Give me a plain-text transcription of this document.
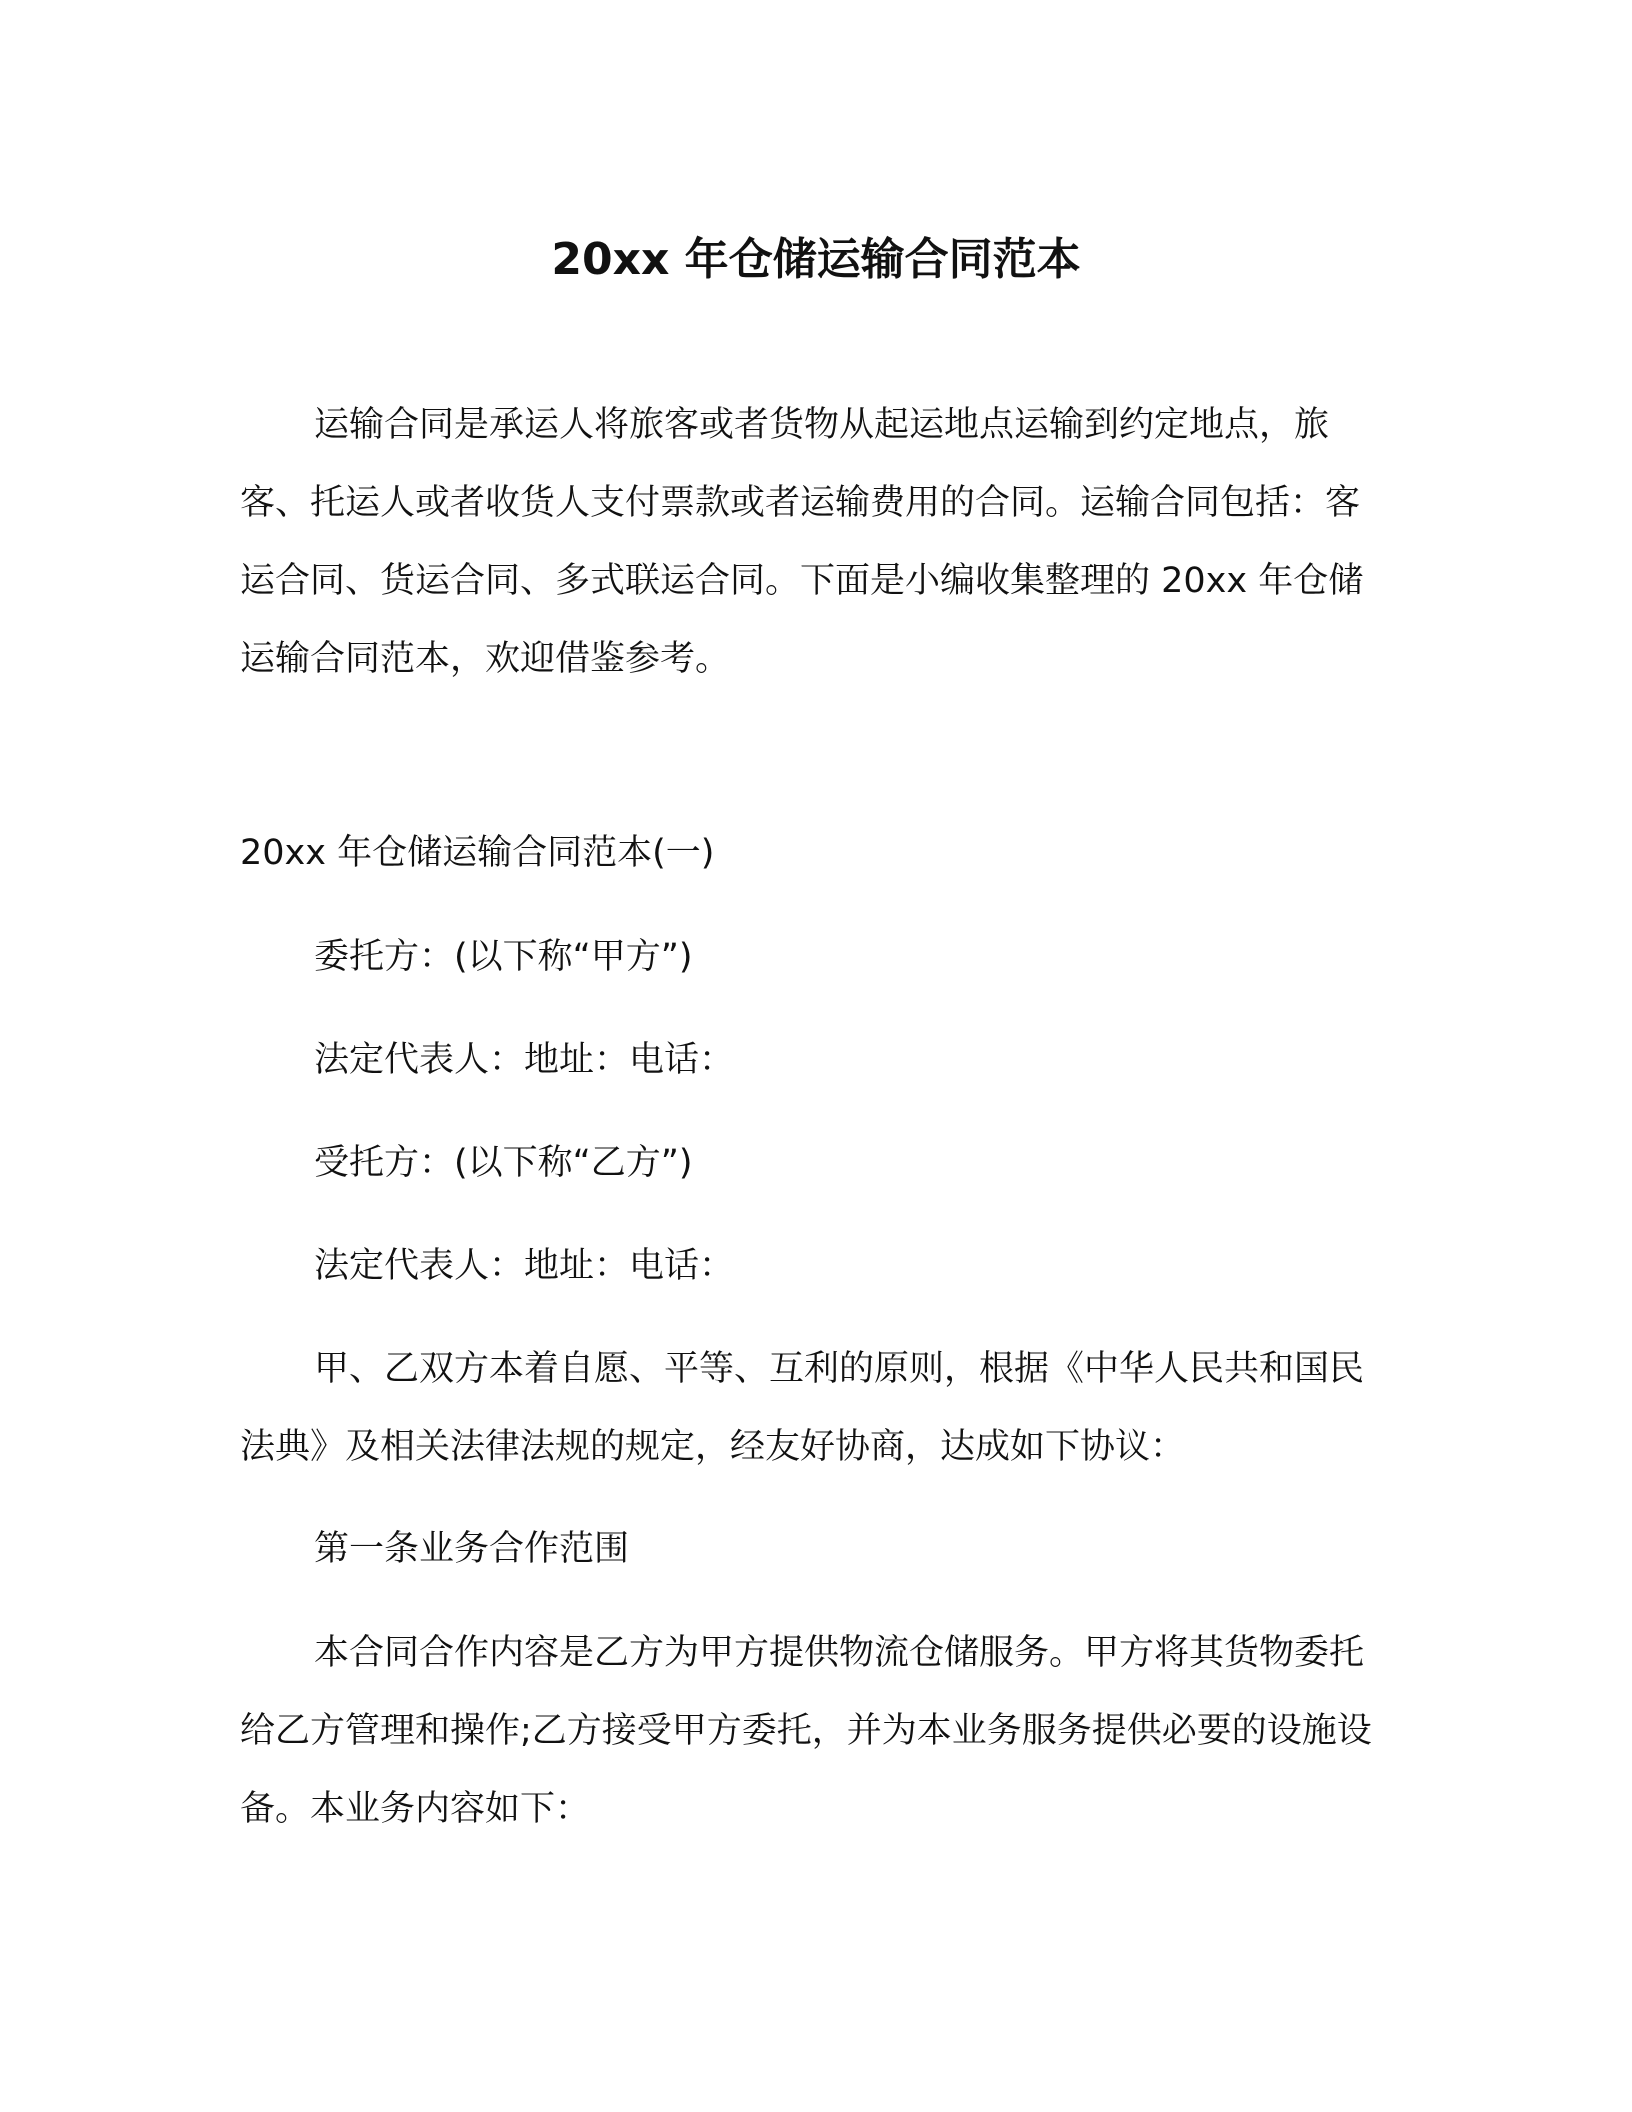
20xx 年仓储运输合同范本

运输合同是承运人将旅客或者货物从起运地点运输到约定地点，旅客、托运人或者收货人支付票款或者运输费用的合同。运输合同包括：客运合同、货运合同、多式联运合同。下面是小编收集整理的 20xx 年仓储运输合同范本，欢迎借鉴参考。

20xx 年仓储运输合同范本(一)
委托方：(以下称“甲方”)
法定代表人：地址：电话：
受托方：(以下称“乙方”)
法定代表人：地址：电话：

甲、乙双方本着自愿、平等、互利的原则，根据《中华人民共和国民法典》及相关法律法规的规定，经友好协商，达成如下协议：

第一条业务合作范围

本合同合作内容是乙方为甲方提供物流仓储服务。甲方将其货物委托给乙方管理和操作;乙方接受甲方委托，并为本业务服务提供必要的设施设备。本业务内容如下：
